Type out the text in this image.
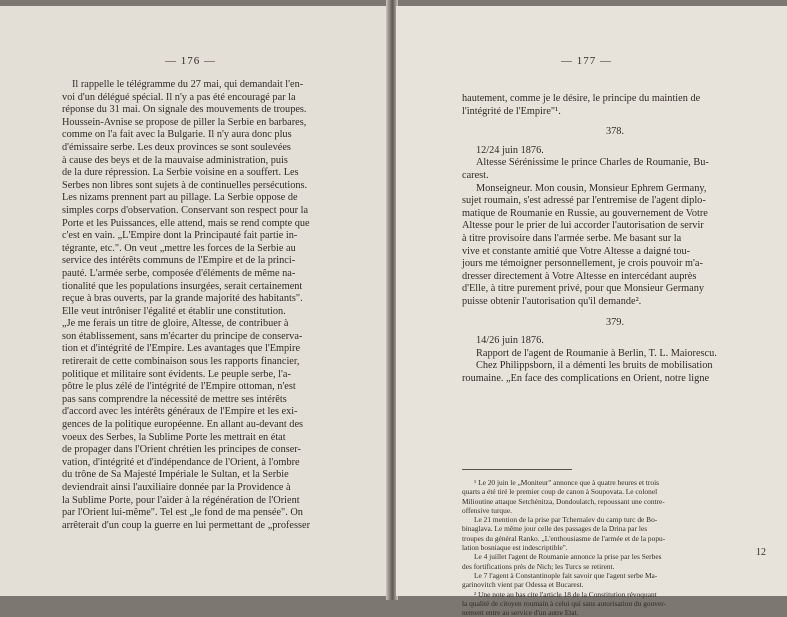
— 176 —
Il rappelle le télégramme du 27 mai, qui demandait l'en-
voi d'un délégué spécial. Il n'y a pas été encouragé par la
réponse du 31 mai. On signale des mouvements de troupes.
Houssein-Avnise se propose de piller la Serbie en barbares,
comme on l'a fait avec la Bulgarie. Il n'y aura donc plus
d'émissaire serbe. Les deux provinces se sont soulevées
à cause des beys et de la mauvaise administration, puis
de la dure répression. La Serbie voisine en a souffert. Les
Serbes non libres sont sujets à de continuelles persécutions.
Les nizams prennent part au pillage. La Serbie oppose de
simples corps d'observation. Conservant son respect pour la
Porte et les Puissances, elle attend, mais se rend compte que
c'est en vain. „L'Empire dont la Principauté fait partie in-
tégrante, etc.". On veut „mettre les forces de la Serbie au
service des intérêts communs de l'Empire et de la princi-
pauté. L'armée serbe, composée d'éléments de même na-
tionalité que les populations insurgées, serait certainement
reçue à bras ouverts, par la grande majorité des habitants".
Elle veut intrôniser l'égalité et établir une constitution.
„Je me ferais un titre de gloire, Altesse, de contribuer à
son établissement, sans m'écarter du principe de conserva-
tion et d'intégrité de l'Empire. Les avantages que l'Empire
retirerait de cette combinaison sous les rapports financier,
politique et militaire sont évidents. Le peuple serbe, l'a-
pôtre le plus zélé de l'intégrité de l'Empire ottoman, n'est
pas sans comprendre la nécessité de mettre ses intérêts
d'accord avec les intérêts généraux de l'Empire et les exi-
gences de la politique européenne. En allant au-devant des
voeux des Serbes, la Sublime Porte les mettrait en état
de propager dans l'Orient chrétien les principes de conser-
vation, d'intégrité et d'indépendance de l'Orient, à l'ombre
du trône de Sa Majesté Impériale le Sultan, et la Serbie
deviendrait ainsi l'auxiliaire donnée par la Providence à
la Sublime Porte, pour l'aider à la régénération de l'Orient
par l'Orient lui-même". Tel est „le fond de ma pensée". On
arrêterait d'un coup la guerre en lui permettant de „professer
— 177 —
hautement, comme je le désire, le principe du maintien de
l'intégrité de l'Empire"¹.
378.
12/24 juin 1876.
Altesse Sérénissime le prince Charles de Roumanie, Bu-
carest.
Monseigneur. Mon cousin, Monsieur Ephrem Germany,
sujet roumain, s'est adressé par l'entremise de l'agent diplo-
matique de Roumanie en Russie, au gouvernement de Votre
Altesse pour le prier de lui accorder l'autorisation de servir
à titre provisoire dans l'armée serbe. Me basant sur la
vive et constante amitié que Votre Altesse a daigné tou-
jours me témoigner personnellement, je crois pouvoir m'a-
dresser directement à Votre Altesse en intercédant auprès
d'Elle, à titre purement privé, pour que Monsieur Germany
puisse obtenir l'autorisation qu'il demande².
379.
14/26 juin 1876.
Rapport de l'agent de Roumanie à Berlin, T. L. Maiorescu.
Chez Philippsborn, il a démenti les bruits de mobilisation
roumaine. „En face des complications en Orient, notre ligne
¹ Le 20 juin le „Moniteur" annonce que à quatre heures et trois
quarts a été tiré le premier coup de canon à Soupovata. Le colonel
Milioutine attaque Setchénitza, Dondoulatch, repoussant une contre-
offensive turque.
Le 21 mention de la prise par Tchernaïev du camp turc de Bo-
binaglava. Le même jour celle des passages de la Drina par les
troupes du général Ranko. „L'enthousiasme de l'armée et de la popu-
lation bosniaque est indescriptible".
Le 4 juillet l'agent de Roumanie annonce la prise par les Serbes
des fortifications près de Nich; les Turcs se retirent.
Le 7 l'agent à Constantinople fait savoir que l'agent serbe Ma-
garinovitch vient par Odessa et Bucarest.
² Une note au bas cite l'article 18 de la Constitution révoquant
la qualité de citoyen roumain à celui qui sans autorisation du gouver-
nement entre au service d'un autre Etat.
12
